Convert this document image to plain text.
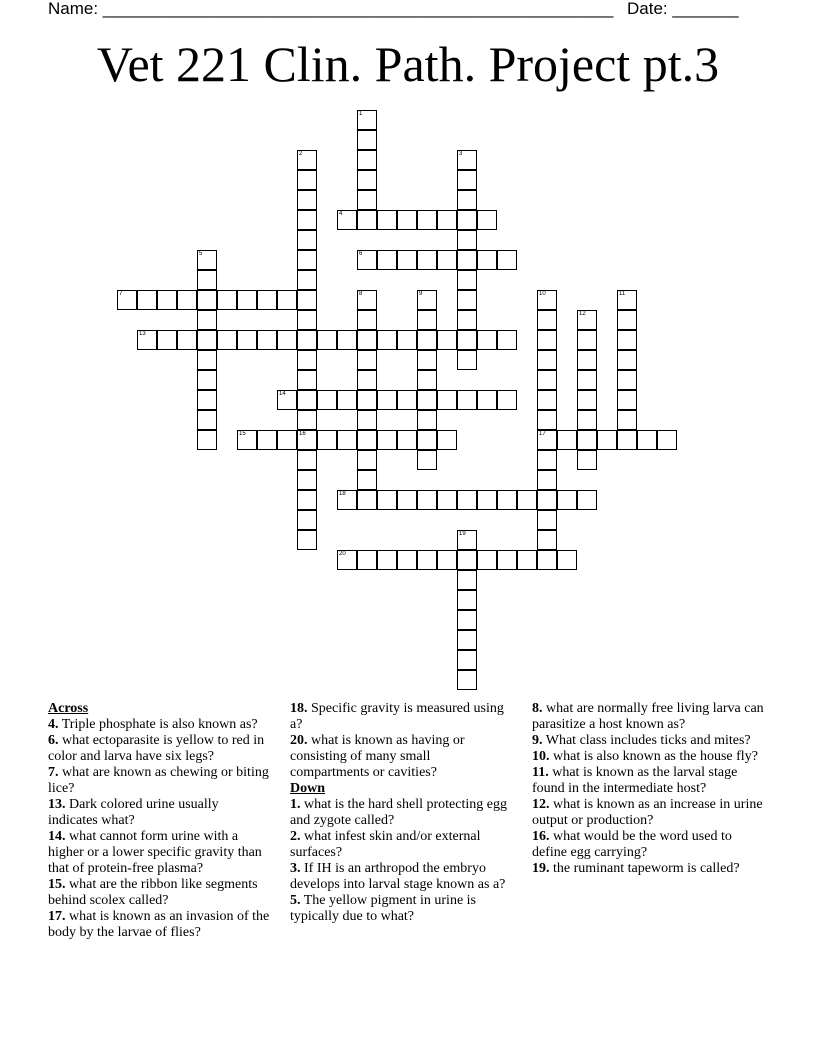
Name: ______________________________________________________ Date: _______
Vet 221 Clin. Path. Project pt.3
1
2
16
3
4
5	6
7	8	9	10
17
11
12
13
14
15
18
19
20
Across
4. Triple phosphate is also known as?
6. what ectoparasite is yellow to red in color and larva have six legs?
7. what are known as chewing or biting lice?
13. Dark colored urine usually indicates what?
14. what cannot form urine with a higher or a lower specific gravity than that of protein-free plasma?
15. what are the ribbon like segments behind scolex called?
17. what is known as an invasion of the body by the larvae of flies?
18. Specific gravity is measured using a?
20. what is known as having or consisting of many small compartments or cavities?
Down
1. what is the hard shell protecting egg and zygote called?
2. what infest skin and/or external surfaces?
3. If IH is an arthropod the embryo develops into larval stage known as a?
5. The yellow pigment in urine is typically due to what?
8. what are normally free living larva can parasitize a host known as?
9. What class includes ticks and mites?
10. what is also known as the house fly?
11. what is known as the larval stage found in the intermediate host?
12. what is known as an increase in urine output or production?
16. what would be the word used to define egg carrying?
19. the ruminant tapeworm is called?
